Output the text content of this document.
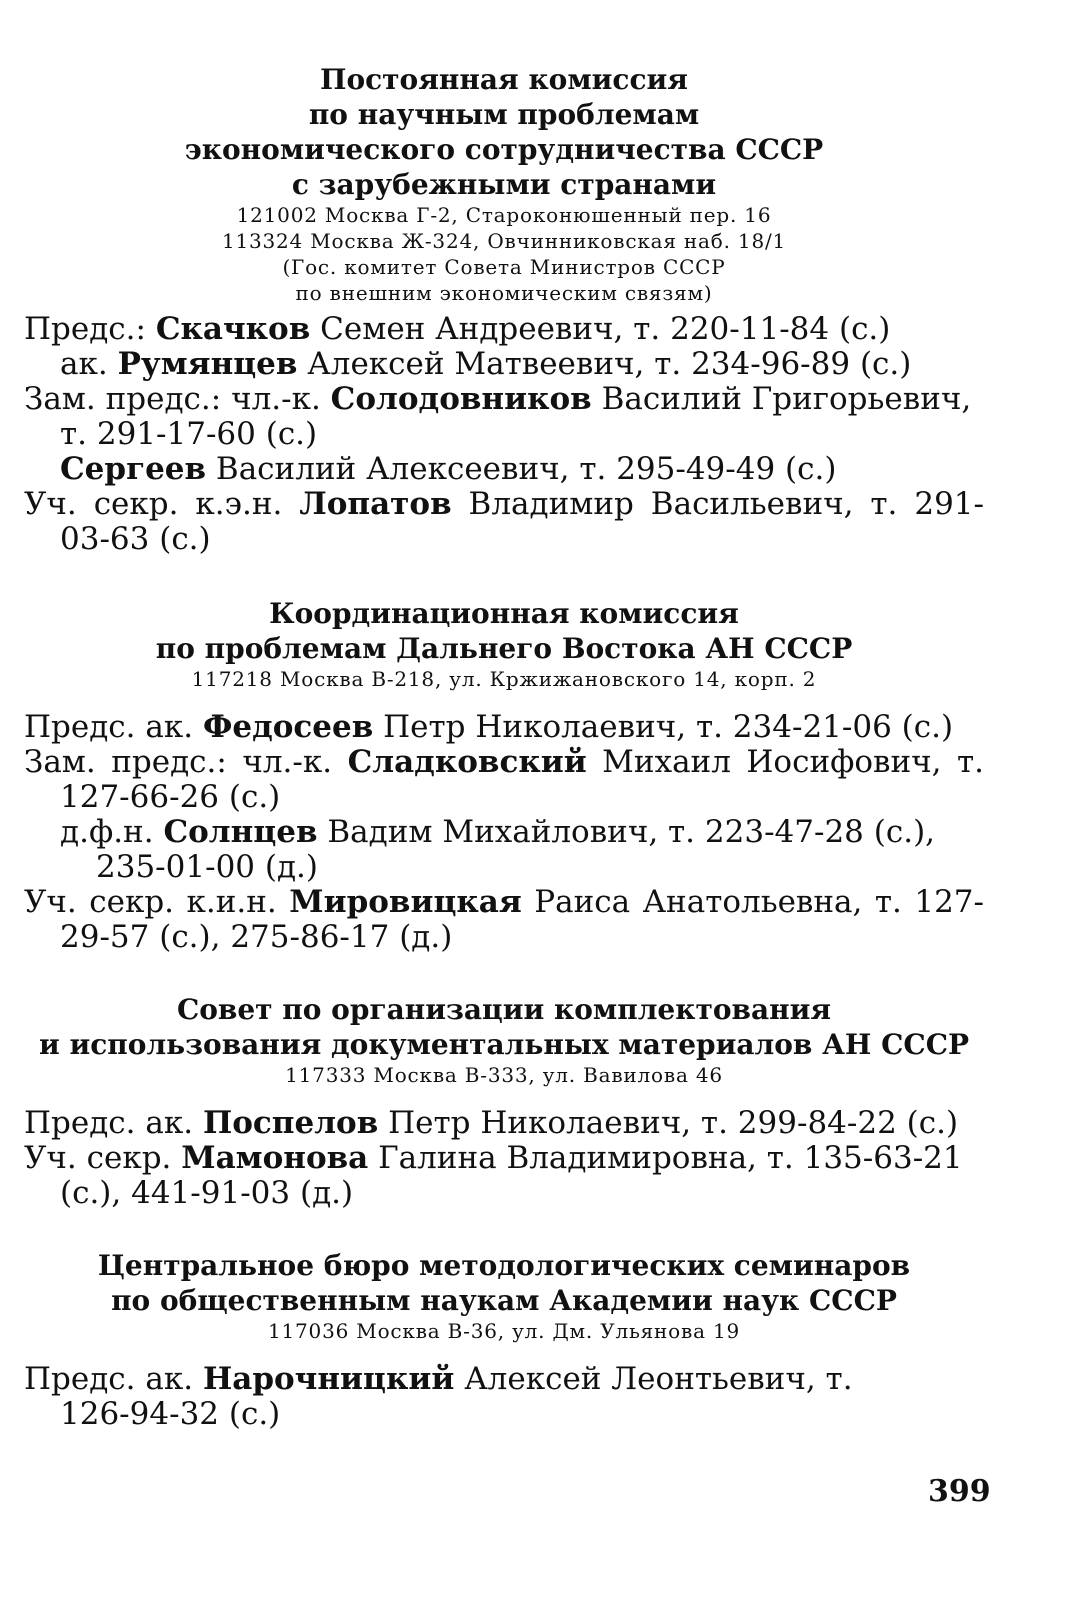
Постоянная комиссия

по научным проблемам

экономического сотрудничества СССР

с зарубежными странами

121002 Москва Г-2, Староконюшенный пер. 16

113324 Москва Ж-324, Овчинниковская наб. 18/1

(Гос. комитет Совета Министров СССР

по внешним экономическим связям)

Предс.: Скачков Семен Андреевич, т. 220-11-84 (с.)

ак. Румянцев Алексей Матвеевич, т. 234-96-89 (с.)

Зам. предс.: чл.-к. Солодовников Василий Григорьевич, т. 291-17-60 (с.)

Сергеев Василий Алексеевич, т. 295-49-49 (с.)

Уч. секр. к.э.н. Лопатов Владимир Васильевич, т. 291-03-63 (с.)

Координационная комиссия

по проблемам Дальнего Востока АН СССР

117218 Москва В-218, ул. Кржижановского 14, корп. 2

Предс. ак. Федосеев Петр Николаевич, т. 234-21-06 (с.)

Зам. предс.: чл.-к. Сладковский Михаил Иосифович, т. 127-66-26 (с.)

д.ф.н. Солнцев Вадим Михайлович, т. 223-47-28 (с.), 235-01-00 (д.)

Уч. секр. к.и.н. Мировицкая Раиса Анатольевна, т. 127-29-57 (с.), 275-86-17 (д.)

Совет по организации комплектования

и использования документальных материалов АН СССР

117333 Москва В-333, ул. Вавилова 46

Предс. ак. Поспелов Петр Николаевич, т. 299-84-22 (с.)

Уч. секр. Мамонова Галина Владимировна, т. 135-63-21 (с.), 441-91-03 (д.)

Центральное бюро методологических семинаров

по общественным наукам Академии наук СССР

117036 Москва В-36, ул. Дм. Ульянова 19

Предс. ак. Нарочницкий Алексей Леонтьевич, т. 126-94-32 (с.)

399
